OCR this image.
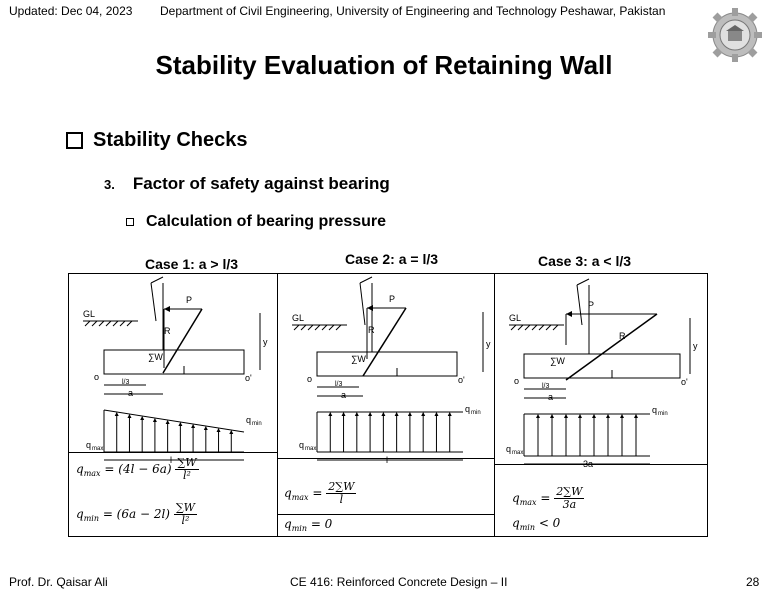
Updated: Dec 04, 2023 Department of Civil Engineering, University of Engineering and Technology Peshawar, Pakistan
Stability Evaluation of Retaining Wall
Stability Checks
3. Factor of safety against bearing
Calculation of bearing pressure
Case 1: a > l/3	Case 2: a = l/3	Case 3: a < l/3
GL
P
∑W
R
y
o	o'
l/3
a
q max
q min
l
GL
P
∑W
R
y
o	o'
l/3
a
q max
q min
l
GL
P
∑W
R
y
o	o'
l/3
a
q max
q min
3a
$q_{max} = (4l - 6a) \frac{\sum W}{\text{l²}}$
$q_{min} = (6a - 2l) \frac{\sum W}{\text{l²}}$
$q_{max} = \frac{2\sum W}{l}$
$q_{min} = 0$
$q_{max} = \frac{2\sum W}{3a}$
$q_{min} < 0$
Prof. Dr. Qaisar Ali	CE 416: Reinforced Concrete Design – II	28
